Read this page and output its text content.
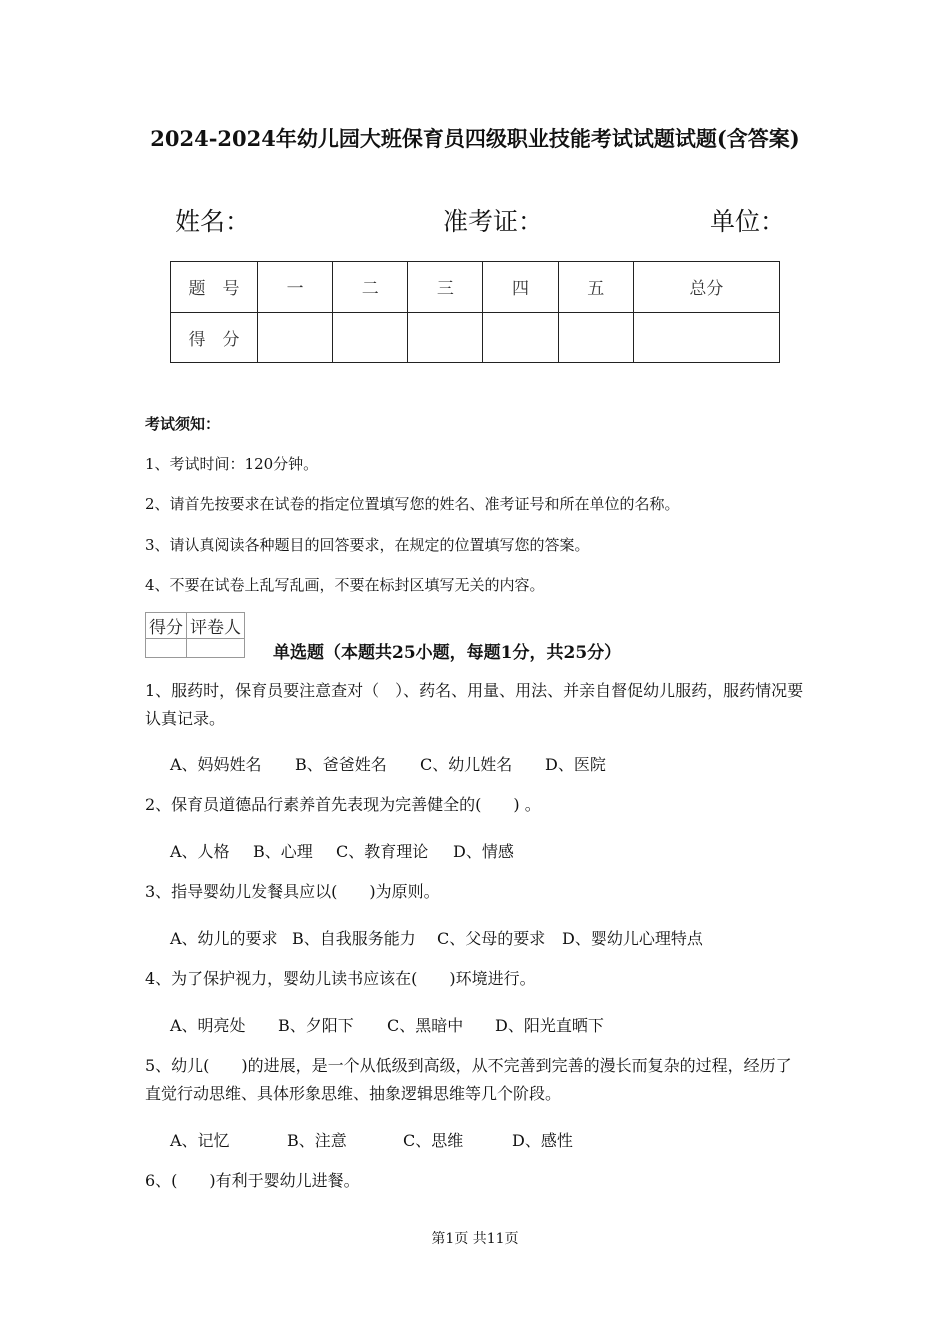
2024-2024年幼儿园大班保育员四级职业技能考试试题试题(含答案)
姓名：	准考证：	单位：
题　号	一	二	三	四	五	总分
得　分						
考试须知：
1、考试时间：120分钟。
2、请首先按要求在试卷的指定位置填写您的姓名、准考证号和所在单位的名称。
3、请认真阅读各种题目的回答要求，在规定的位置填写您的答案。
4、不要在试卷上乱写乱画，不要在标封区填写无关的内容。
得分	评卷人

单选题（本题共25小题，每题1分，共25分）
1、服药时，保育员要注意查对（　）、药名、用量、用法、并亲自督促幼儿服药，服药情况要认真记录。
A、妈妈姓名 B、爸爸姓名 C、幼儿姓名 D、医院
2、保育员道德品行素养首先表现为完善健全的(　　) 。
A、人格 B、心理 C、教育理论 D、情感
3、指导婴幼儿发餐具应以(　　)为原则。
A、幼儿的要求 B、自我服务能力 C、父母的要求 D、婴幼儿心理特点
4、为了保护视力，婴幼儿读书应该在(　　)环境进行。
A、明亮处 B、夕阳下 C、黑暗中 D、阳光直晒下
5、幼儿(　　)的进展，是一个从低级到高级，从不完善到完善的漫长而复杂的过程，经历了直觉行动思维、具体形象思维、抽象逻辑思维等几个阶段。
A、记忆	B、注意	C、思维	D、感性
6、(　　)有利于婴幼儿进餐。
第1页 共11页
